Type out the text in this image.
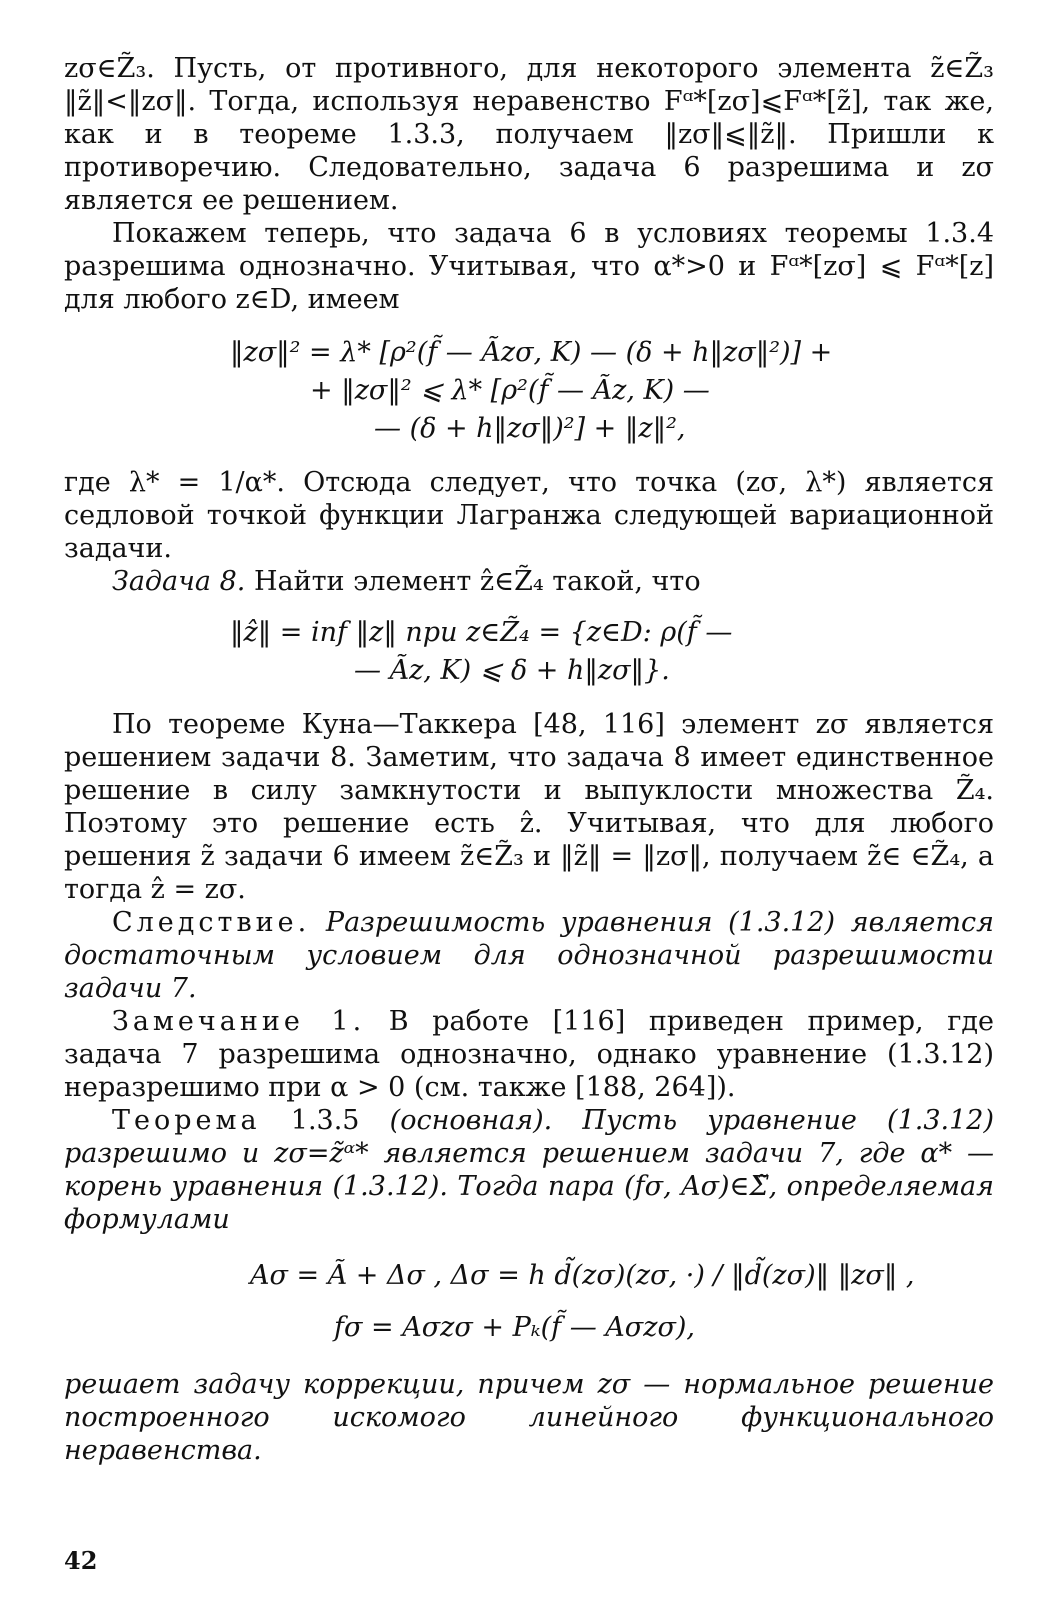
zσ∈Z̃₃. Пусть, от противного, для некоторого элемента z̃∈Z̃₃ ‖z̃‖<‖zσ‖. Тогда, используя неравенство Fᵅ*[zσ]⩽Fᵅ*[z̃], так же, как и в теореме 1.3.3, получаем ‖zσ‖⩽‖z̃‖. Пришли к противоречию. Следовательно, задача 6 разрешима и zσ является ее решением.

Покажем теперь, что задача 6 в условиях теоремы 1.3.4 разрешима однозначно. Учитывая, что α*>0 и Fᵅ*[zσ] ⩽ Fᵅ*[z] для любого z∈D, имеем

‖zσ‖² = λ* [ρ²(f̃ — Ãzσ, K) — (δ + h‖zσ‖²)] +
+ ‖zσ‖² ⩽ λ* [ρ²(f̃ — Ãz, K) —
— (δ + h‖zσ‖)²] + ‖z‖²,

где λ* = 1/α*. Отсюда следует, что точка (zσ, λ*) является седловой точкой функции Лагранжа следующей вариационной задачи.

Задача 8. Найти элемент ẑ∈Z̃₄ такой, что

‖ẑ‖ = inf ‖z‖ при z∈Z̃₄ = {z∈D: ρ(f̃ —
— Ãz, K) ⩽ δ + h‖zσ‖}.

По теореме Куна—Таккера [48, 116] элемент zσ является решением задачи 8. Заметим, что задача 8 имеет единственное решение в силу замкнутости и выпуклости множества Z̃₄. Поэтому это решение есть ẑ. Учитывая, что для любого решения z̃ задачи 6 имеем z̃∈Z̃₃ и ‖z̃‖ = ‖zσ‖, получаем z̃∈ ∈Z̃₄, а тогда ẑ = zσ.

Следствие. Разрешимость уравнения (1.3.12) является достаточным условием для однозначной разрешимости задачи 7.

Замечание 1. В работе [116] приведен пример, где задача 7 разрешима однозначно, однако уравнение (1.3.12) неразрешимо при α > 0 (см. также [188, 264]).

Теорема 1.3.5 (основная). Пусть уравнение (1.3.12) разрешимо и zσ=z̃ᵅ* является решением задачи 7, где α* — корень уравнения (1.3.12). Тогда пара (fσ, Aσ)∈Σ̃, определяемая формулами

Aσ = Ã + Δσ , Δσ = h d̃(zσ)(zσ, ·) / ‖d̃(zσ)‖ ‖zσ‖ ,
fσ = Aσzσ + Pₖ(f̃ — Aσzσ),

решает задачу коррекции, причем zσ — нормальное решение построенного искомого линейного функционального неравенства.

42
